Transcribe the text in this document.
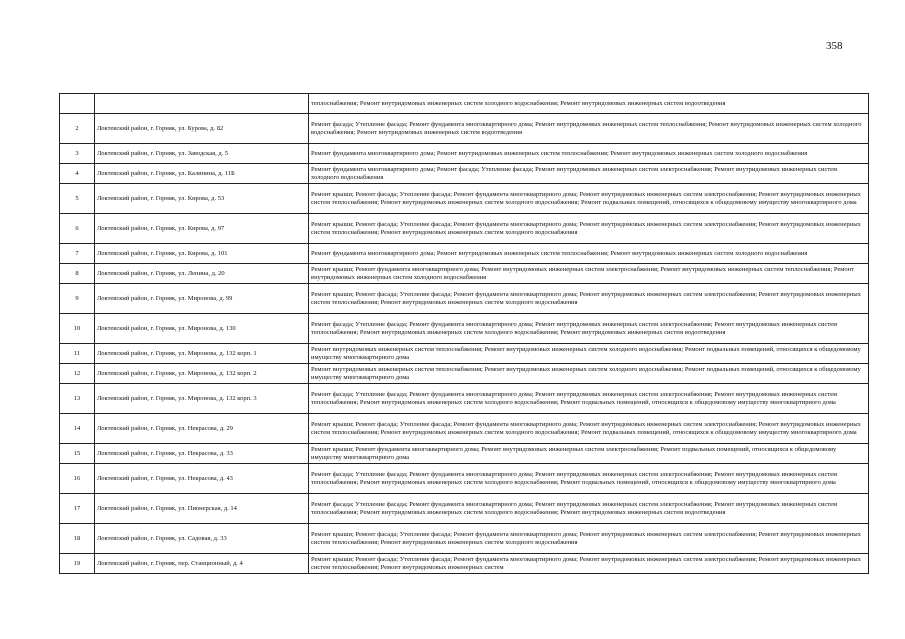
358
		теплоснабжения; Ремонт внутридомовых инженерных систем холодного водоснабжения; Ремонт внутридомовых инженерных систем водоотведения
2	Локтевский район, г. Горняк, ул. Бурова, д. 82	Ремонт фасада; Утепление фасада; Ремонт фундамента многоквартирного дома; Ремонт внутридомовых инженерных систем теплоснабжения; Ремонт внутридомовых инженерных систем холодного водоснабжения; Ремонт внутридомовых инженерных систем водоотведения
3	Локтевский район, г. Горняк, ул. Заводская, д. 5	Ремонт фундамента многоквартирного дома; Ремонт внутридомовых инженерных систем теплоснабжения; Ремонт внутридомовых инженерных систем холодного водоснабжения
4	Локтевский район, г. Горняк, ул. Калинина, д. 11Б	Ремонт фундамента многоквартирного дома; Ремонт фасада; Утепление фасада; Ремонт внутридомовых инженерных систем электроснабжения; Ремонт внутридомовых инженерных систем холодного водоснабжения
5	Локтевский район, г. Горняк, ул. Кирова, д. 53	Ремонт крыши; Ремонт фасада; Утепление фасада; Ремонт фундамента многоквартирного дома; Ремонт внутридомовых инженерных систем электроснабжения; Ремонт внутридомовых инженерных систем теплоснабжения; Ремонт внутридомовых инженерных систем холодного водоснабжения; Ремонт подвальных помещений, относящихся к общедомовому имуществу многоквартирного дома
6	Локтевский район, г. Горняк, ул. Кирова, д. 97	Ремонт крыши; Ремонт фасада; Утепление фасада; Ремонт фундамента многоквартирного дома; Ремонт внутридомовых инженерных систем электроснабжения; Ремонт внутридомовых инженерных систем теплоснабжения; Ремонт внутридомовых инженерных систем холодного водоснабжения
7	Локтевский район, г. Горняк, ул. Кирова, д. 101	Ремонт фундамента многоквартирного дома; Ремонт внутридомовых инженерных систем теплоснабжения; Ремонт внутридомовых инженерных систем холодного водоснабжения
8	Локтевский район, г. Горняк, ул. Ленина, д. 20	Ремонт крыши; Ремонт фундамента многоквартирного дома; Ремонт внутридомовых инженерных систем электроснабжения; Ремонт внутридомовых инженерных систем теплоснабжения; Ремонт внутридомовых инженерных систем холодного водоснабжения
9	Локтевский район, г. Горняк, ул. Миронова, д. 99	Ремонт крыши; Ремонт фасада; Утепление фасада; Ремонт фундамента многоквартирного дома; Ремонт внутридомовых инженерных систем электроснабжения; Ремонт внутридомовых инженерных систем теплоснабжения; Ремонт внутридомовых инженерных систем холодного водоснабжения
10	Локтевский район, г. Горняк, ул. Миронова, д. 130	Ремонт фасада; Утепление фасада; Ремонт фундамента многоквартирного дома; Ремонт внутридомовых инженерных систем электроснабжения; Ремонт внутридомовых инженерных систем теплоснабжения; Ремонт внутридомовых инженерных систем холодного водоснабжения; Ремонт внутридомовых инженерных систем водоотведения
11	Локтевский район, г. Горняк, ул. Миронова, д. 132 корп. 1	Ремонт внутридомовых инженерных систем теплоснабжения; Ремонт внутридомовых инженерных систем холодного водоснабжения; Ремонт подвальных помещений, относящихся к общедомовому имуществу многоквартирного дома
12	Локтевский район, г. Горняк, ул. Миронова, д. 132 корп. 2	Ремонт внутридомовых инженерных систем теплоснабжения; Ремонт внутридомовых инженерных систем холодного водоснабжения; Ремонт подвальных помещений, относящихся к общедомовому имуществу многоквартирного дома
13	Локтевский район, г. Горняк, ул. Миронова, д. 132 корп. 3	Ремонт фасада; Утепление фасада; Ремонт фундамента многоквартирного дома; Ремонт внутридомовых инженерных систем электроснабжения; Ремонт внутридомовых инженерных систем теплоснабжения; Ремонт внутридомовых инженерных систем холодного водоснабжения; Ремонт подвальных помещений, относящихся к общедомовому имуществу многоквартирного дома
14	Локтевский район, г. Горняк, ул. Некрасова, д. 29	Ремонт крыши; Ремонт фасада; Утепление фасада; Ремонт фундамента многоквартирного дома; Ремонт внутридомовых инженерных систем электроснабжения; Ремонт внутридомовых инженерных систем теплоснабжения; Ремонт внутридомовых инженерных систем холодного водоснабжения; Ремонт подвальных помещений, относящихся к общедомовому имуществу многоквартирного дома
15	Локтевский район, г. Горняк, ул. Некрасова, д. 33	Ремонт крыши; Ремонт фундамента многоквартирного дома; Ремонт внутридомовых инженерных систем электроснабжения; Ремонт подвальных помещений, относящихся к общедомовому имуществу многоквартирного дома
16	Локтевский район, г. Горняк, ул. Некрасова, д. 43	Ремонт фасада; Утепление фасада; Ремонт фундамента многоквартирного дома; Ремонт внутридомовых инженерных систем электроснабжения; Ремонт внутридомовых инженерных систем теплоснабжения; Ремонт внутридомовых инженерных систем холодного водоснабжения; Ремонт подвальных помещений, относящихся к общедомовому имуществу многоквартирного дома
17	Локтевский район, г. Горняк, ул. Пионерская, д. 14	Ремонт фасада; Утепление фасада; Ремонт фундамента многоквартирного дома; Ремонт внутридомовых инженерных систем электроснабжения; Ремонт внутридомовых инженерных систем теплоснабжения; Ремонт внутридомовых инженерных систем холодного водоснабжения; Ремонт внутридомовых инженерных систем водоотведения
18	Локтевский район, г. Горняк, ул. Садовая, д. 33	Ремонт крыши; Ремонт фасада; Утепление фасада; Ремонт фундамента многоквартирного дома; Ремонт внутридомовых инженерных систем электроснабжения; Ремонт внутридомовых инженерных систем теплоснабжения; Ремонт внутридомовых инженерных систем холодного водоснабжения
19	Локтевский район, г. Горняк, пер. Станционный, д. 4	Ремонт крыши; Ремонт фасада; Утепление фасада; Ремонт фундамента многоквартирного дома; Ремонт внутридомовых инженерных систем электроснабжения; Ремонт внутридомовых инженерных систем теплоснабжения; Ремонт внутридомовых инженерных систем
